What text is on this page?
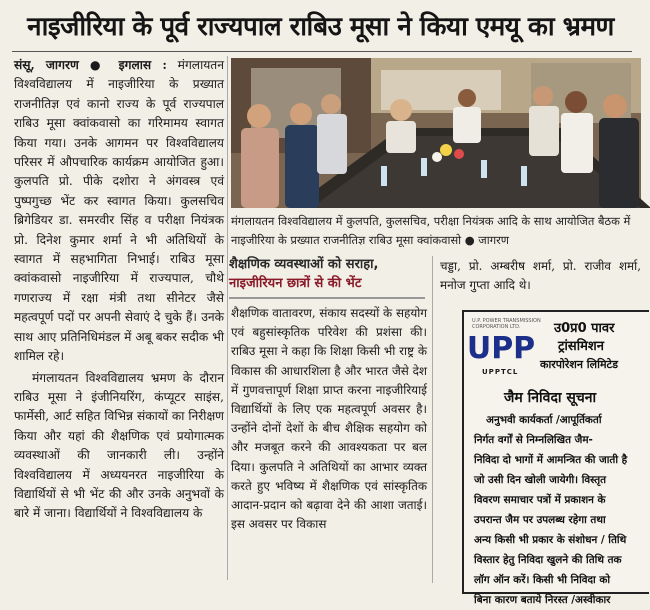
नाइजीरिया के पूर्व राज्यपाल राबिउ मूसा ने किया एमयू का भ्रमण

संसू, जागरण ● इगलास : मंगलायतन विश्वविद्यालय में नाइजीरिया के प्रख्यात राजनीतिज्ञ एवं कानो राज्य के पूर्व राज्यपाल राबिउ मूसा क्वांकवासो का गरिमामय स्वागत किया गया। उनके आगमन पर विश्वविद्यालय परिसर में औपचारिक कार्यक्रम आयोजित हुआ। कुलपति प्रो. पीके दशोरा ने अंगवस्त्र एवं पुष्पगुच्छ भेंट कर स्वागत किया। कुलसचिव ब्रिगेडियर डा. समरवीर सिंह व परीक्षा नियंत्रक प्रो. दिनेश कुमार शर्मा ने भी अतिथियों के स्वागत में सहभागिता निभाई। राबिउ मूसा क्वांकवासो नाइजीरिया में राज्यपाल, चौथे गणराज्य में रक्षा मंत्री तथा सीनेटर जैसे महत्वपूर्ण पदों पर अपनी सेवाएं दे चुके हैं। उनके साथ आए प्रतिनिधिमंडल में अबू बकर सदीक भी शामिल रहे।

मंगलायतन विश्वविद्यालय भ्रमण के दौरान राबिउ मूसा ने इंजीनियरिंग, कंप्यूटर साइंस, फार्मेसी, आर्ट सहित विभिन्न संकायों का निरीक्षण किया और यहां की शैक्षणिक एवं प्रयोगात्मक व्यवस्थाओं की जानकारी ली। उन्होंने विश्वविद्यालय में अध्ययनरत नाइजीरिया के विद्यार्थियों से भी भेंट की और उनके अनुभवों के बारे में जाना। विद्यार्थियों ने विश्वविद्यालय के

मंगलायतन विश्वविद्यालय में कुलपति, कुलसचिव, परीक्षा नियंत्रक आदि के साथ आयोजित बैठक में नाइजीरिया के प्रख्यात राजनीतिज्ञ राबिउ मूसा क्वांकवासो ● जागरण
शैक्षणिक व्यवस्थाओं को सराहा,
नाइजीरियन छात्रों से की भेंट

शैक्षणिक वातावरण, संकाय सदस्यों के सहयोग एवं बहुसांस्कृतिक परिवेश की प्रशंसा की। राबिउ मूसा ने कहा कि शिक्षा किसी भी राष्ट्र के विकास की आधारशिला है और भारत जैसे देश में गुणवत्तापूर्ण शिक्षा प्राप्त करना नाइजीरियाई विद्यार्थियों के लिए एक महत्वपूर्ण अवसर है। उन्होंने दोनों देशों के बीच शैक्षिक सहयोग को और मजबूत करने की आवश्यकता पर बल दिया। कुलपति ने अतिथियों का आभार व्यक्त करते हुए भविष्य में शैक्षणिक एवं सांस्कृतिक आदान-प्रदान को बढ़ावा देने की आशा जताई। इस अवसर पर विकास

चड्डा, प्रो. अम्बरीष शर्मा, प्रो. राजीव शर्मा, मनोज गुप्ता आदि थे।

U.P. POWER TRANSMISSION CORPORATION LTD.
UPP
UPPTCL
उ0प्र0 पावर
ट्रांसमिशन
कारपोरेशन लिमिटेड
जैम निविदा सूचना
अनुभवी कार्यकर्ता /आपूर्तिकर्ता
निर्गत वर्गों से निम्नलिखित जैम-
निविदा दो भागों में आमन्त्रित की जाती है
जो उसी दिन खोली जायेगी। विस्तृत
विवरण समाचार पत्रों में प्रकाशन के
उपरान्त जैम पर उपलब्ध रहेगा तथा
अन्य किसी भी प्रकार के संशोधन / तिथि
विस्तार हेतु निविदा खुलने की तिथि तक
लॉग ऑन करें। किसी भी निविदा को
बिना कारण बताये निरस्त /अस्वीकार
